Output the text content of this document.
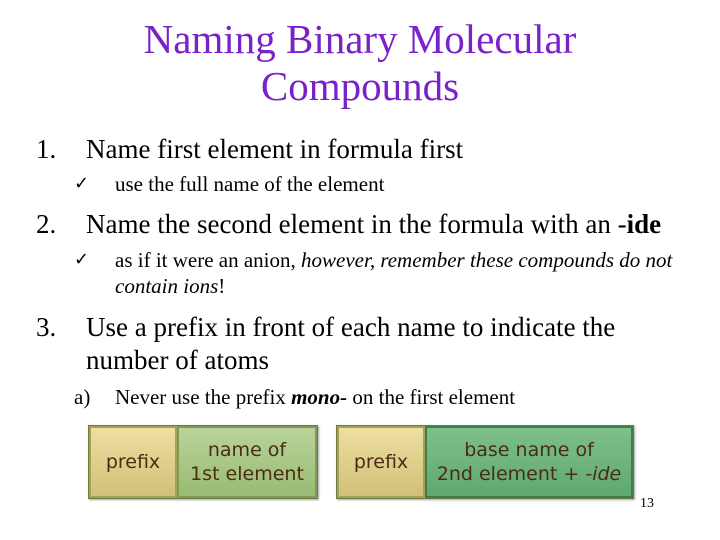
Naming Binary Molecular
Compounds
1.	Name first element in formula first
✓	use the full name of the element
2.	Name the second element in the formula with an -ide
✓	as if it were an anion, however, remember these compounds do not contain ions!
3.	Use a prefix in front of each name to indicate the number of atoms
a)	Never use the prefix mono- on the first element
prefix
name of
1st element
prefix
base name of
2nd element + -ide
13
